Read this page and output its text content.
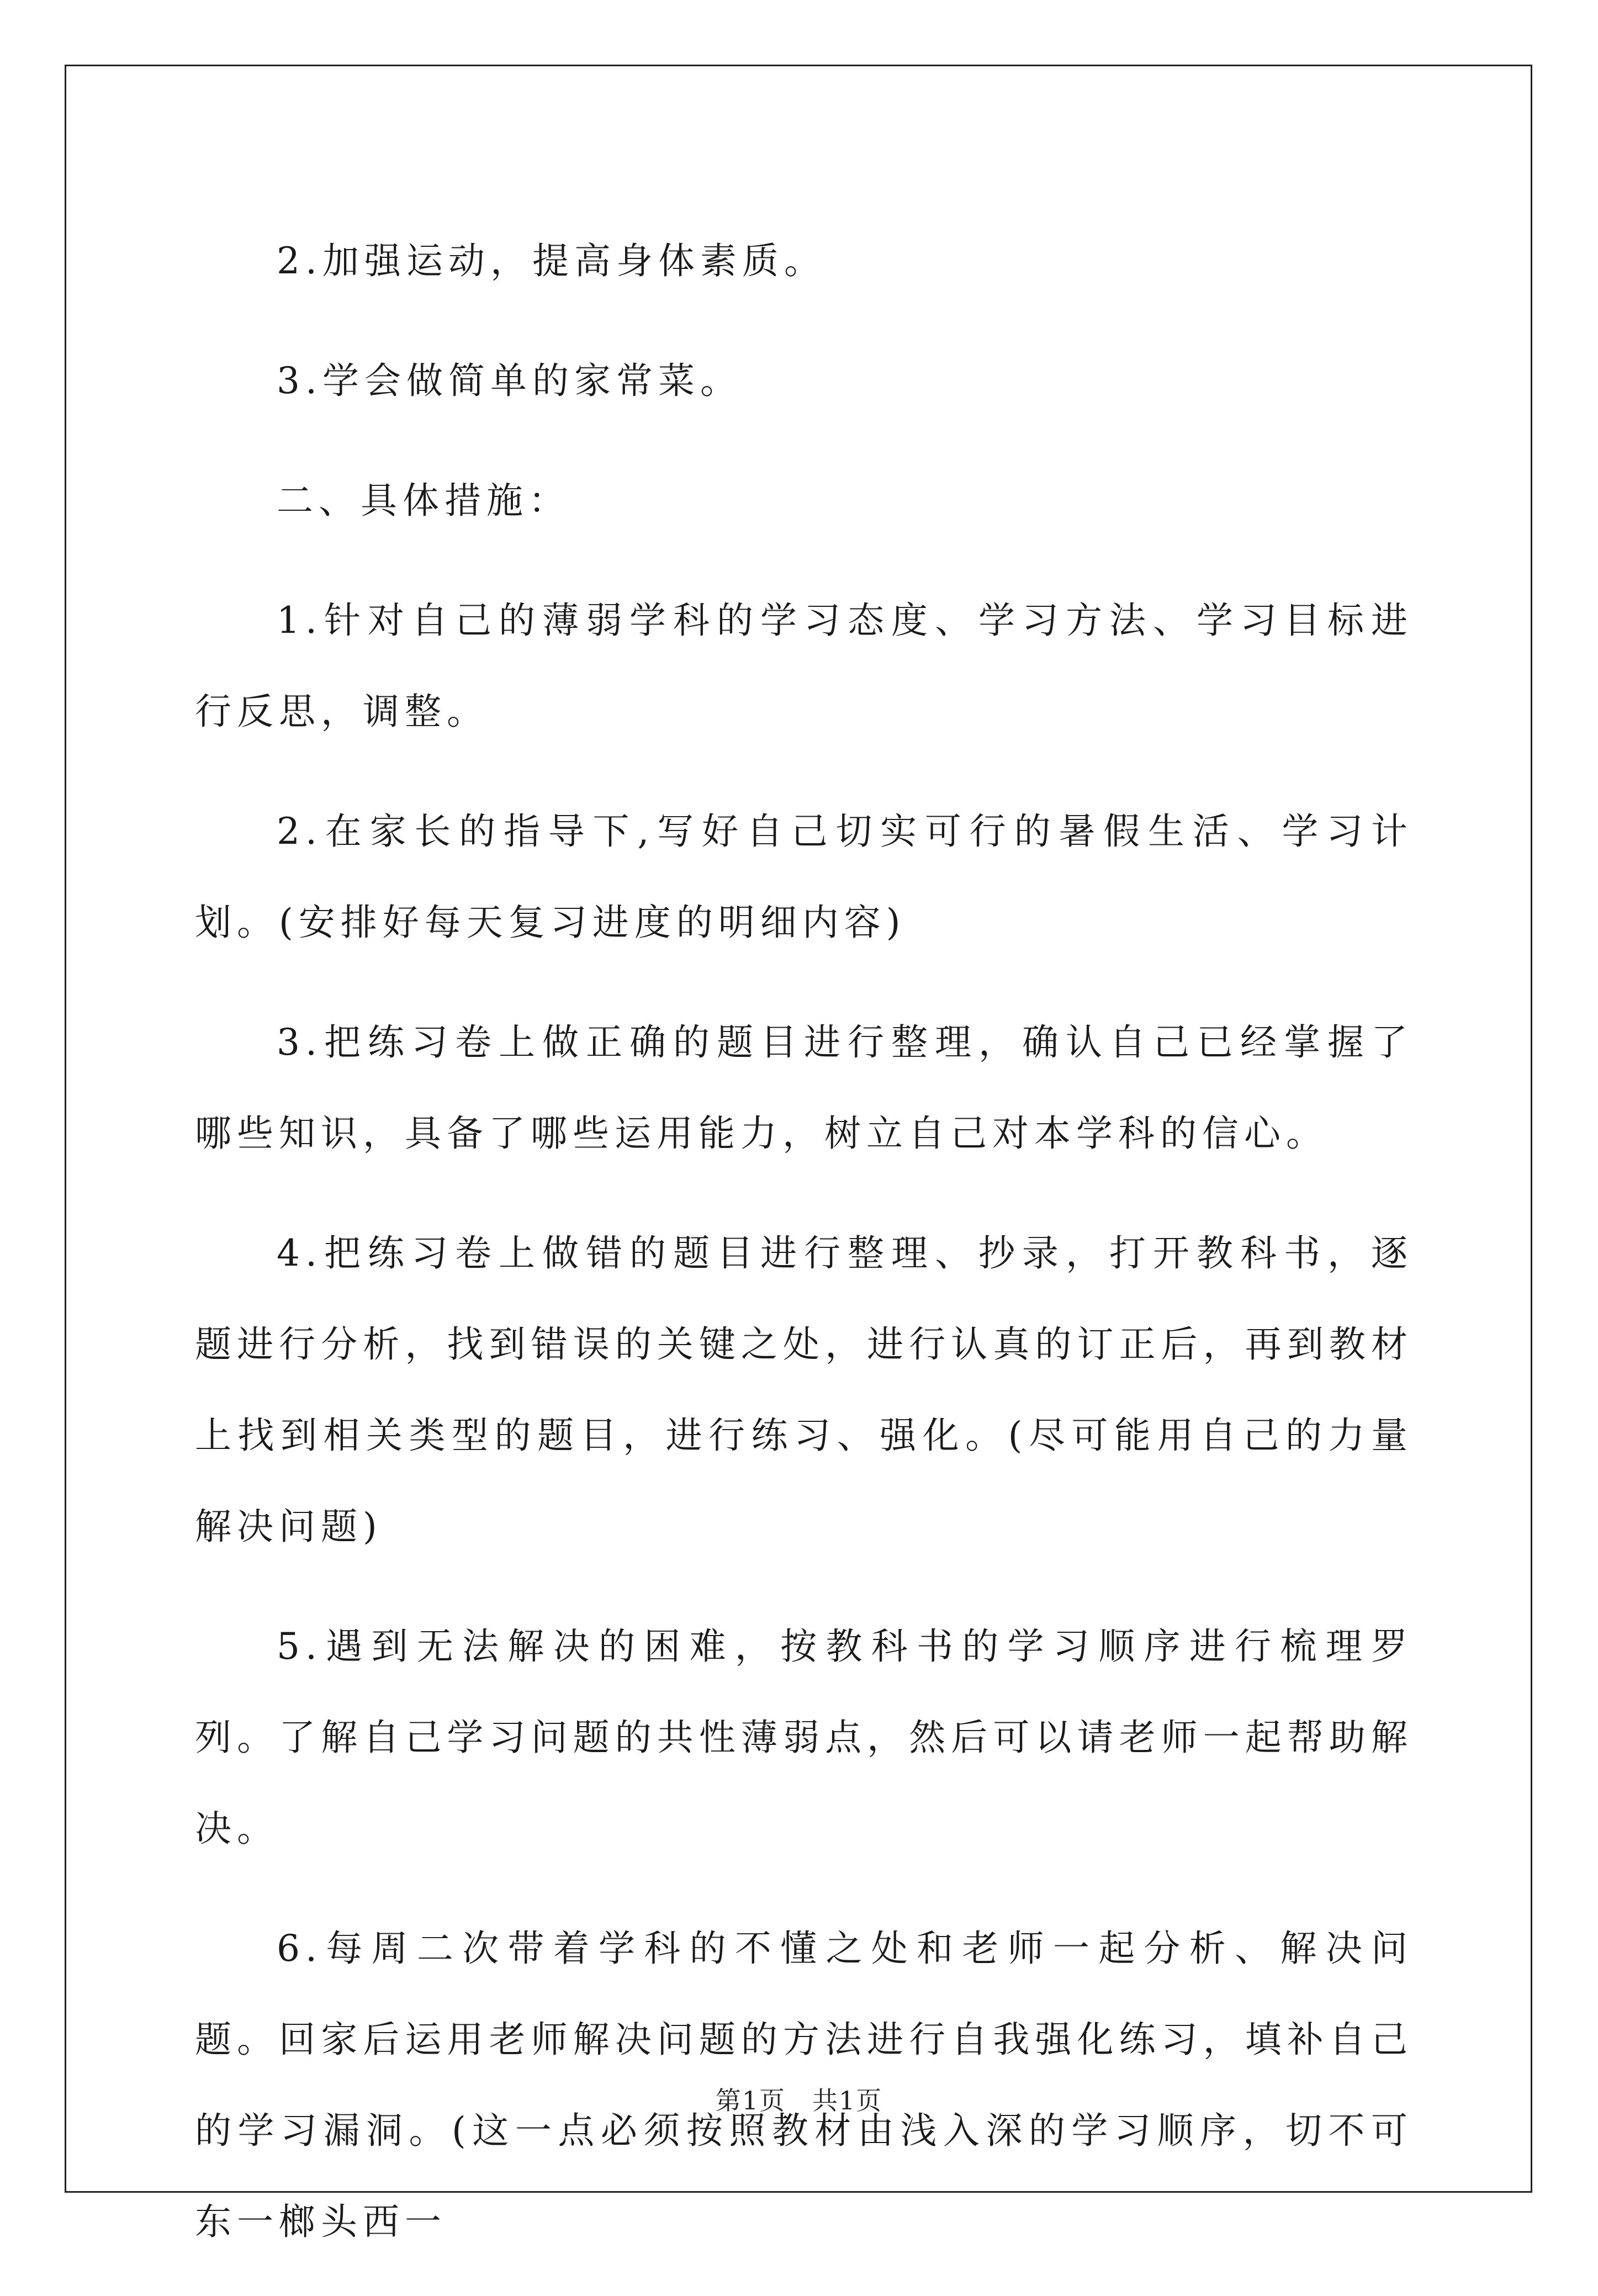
2.加强运动，提高身体素质。

3.学会做简单的家常菜。

二、具体措施：

1.针对自己的薄弱学科的学习态度、学习方法、学习目标进行反思，调整。

2.在家长的指导下,写好自己切实可行的暑假生活、学习计划。(安排好每天复习进度的明细内容)

3.把练习卷上做正确的题目进行整理，确认自己已经掌握了哪些知识，具备了哪些运用能力，树立自己对本学科的信心。

4.把练习卷上做错的题目进行整理、抄录，打开教科书，逐题进行分析，找到错误的关键之处，进行认真的订正后，再到教材上找到相关类型的题目，进行练习、强化。(尽可能用自己的力量解决问题)

5.遇到无法解决的困难，按教科书的学习顺序进行梳理罗列。了解自己学习问题的共性薄弱点，然后可以请老师一起帮助解决。

6.每周二次带着学科的不懂之处和老师一起分析、解决问题。回家后运用老师解决问题的方法进行自我强化练习，填补自己的学习漏洞。(这一点必须按照教材由浅入深的学习顺序，切不可东一榔头西一

第1页　共1页
